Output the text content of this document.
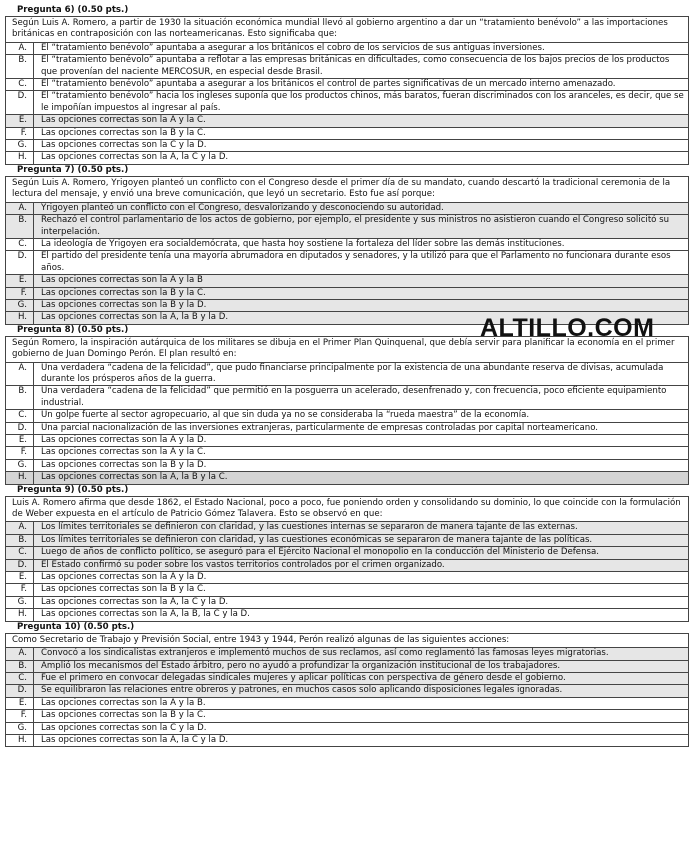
Pregunta 6) (0.50 pts.)
Según Luis A. Romero, a partir de 1930 la situación económica mundial llevó al gobierno argentino a dar un “tratamiento benévolo” a las importaciones británicas en contraposición con las norteamericanas. Esto significaba que:
A.	El “tratamiento benévolo” apuntaba a asegurar a los británicos el cobro de los servicios de sus antiguas inversiones.
B.	El “tratamiento benévolo” apuntaba a reflotar a las empresas británicas en dificultades, como consecuencia de los bajos precios de los productos que provenían del naciente MERCOSUR, en especial desde Brasil.
C.	El “tratamiento benévolo” apuntaba a asegurar a los británicos el control de partes significativas de un mercado interno amenazado.
D.	El “tratamiento benévolo” hacia los ingleses suponía que los productos chinos, más baratos, fueran discriminados con los aranceles, es decir, que se le impoñían impuestos al ingresar al país.
E.	Las opciones correctas son la A y la C.
F.	Las opciones correctas son la B y la C.
G.	Las opciones correctas son la C y la D.
H.	Las opciones correctas son la A, la C y la D.
Pregunta 7) (0.50 pts.)
Según Luis A. Romero, Yrigoyen planteó un conflicto con el Congreso desde el primer día de su mandato, cuando descartó la tradicional ceremonia de la lectura del mensaje, y envió una breve comunicación, que leyó un secretario. Esto fue así porque:
A.	Yrigoyen planteó un conflicto con el Congreso, desvalorizando y desconociendo su autoridad.
B.	Rechazó el control parlamentario de los actos de gobierno, por ejemplo, el presidente y sus ministros no asistieron cuando el Congreso solicitó su interpelación.
C.	La ideología de Yrigoyen era socialdemócrata, que hasta hoy sostiene la fortaleza del líder sobre las demás instituciones.
D.	El partido del presidente tenía una mayoría abrumadora en diputados y senadores, y la utilizó para que el Parlamento no funcionara durante esos años.
E.	Las opciones correctas son la A y la B
F.	Las opciones correctas son la B y la C.
G.	Las opciones correctas son la B y la D.
H.	Las opciones correctas son la A, la B y la D.
Pregunta 8) (0.50 pts.)
Según Romero, la inspiración autárquica de los militares se dibuja en el Primer Plan Quinquenal, que debía servir para planificar la economía en el primer gobierno de Juan Domingo Perón. El plan resultó en:
A.	Una verdadera “cadena de la felicidad”, que pudo financiarse principalmente por la existencia de una abundante reserva de divisas, acumulada durante los prósperos años de la guerra.
B.	Una verdadera “cadena de la felicidad” que permitió en la posguerra un acelerado, desenfrenado y, con frecuencia, poco eficiente equipamiento industrial.
C.	Un golpe fuerte al sector agropecuario, al que sin duda ya no se consideraba la “rueda maestra” de la economía.
D.	Una parcial nacionalización de las inversiones extranjeras, particularmente de empresas controladas por capital norteamericano.
E.	Las opciones correctas son la A y la D.
F.	Las opciones correctas son la A y la C.
G.	Las opciones correctas son la B y la D.
H.	Las opciones correctas son la A, la B y la C.
Pregunta 9) (0.50 pts.)
Luis A. Romero afirma que desde 1862, el Estado Nacional, poco a poco, fue poniendo orden y consolidando su dominio, lo que coincide con la formulación de Weber expuesta en el artículo de Patricio Gómez Talavera. Esto se observó en que:
A.	Los límites territoriales se definieron con claridad, y las cuestiones internas se separaron de manera tajante de las externas.
B.	Los límites territoriales se definieron con claridad, y las cuestiones económicas se separaron de manera tajante de las políticas.
C.	Luego de años de conflicto político, se aseguró para el Ejército Nacional el monopolio en la conducción del Ministerio de Defensa.
D.	El Estado confirmó su poder sobre los vastos territorios controlados por el crimen organizado.
E.	Las opciones correctas son la A y la D.
F.	Las opciones correctas son la B y la C.
G.	Las opciones correctas son la A, la C y la D.
H.	Las opciones correctas son la A, la B, la C y la D.
Pregunta 10) (0.50 pts.)
Como Secretario de Trabajo y Previsión Social, entre 1943 y 1944, Perón realizó algunas de las siguientes acciones:
A.	Convocó a los sindicalistas extranjeros e implementó muchos de sus reclamos, así como reglamentó las famosas leyes migratorias.
B.	Amplió los mecanismos del Estado árbitro, pero no ayudó a profundizar la organización institucional de los trabajadores.
C.	Fue el primero en convocar delegadas sindicales mujeres y aplicar políticas con perspectiva de género desde el gobierno.
D.	Se equilibraron las relaciones entre obreros y patrones, en muchos casos solo aplicando disposiciones legales ignoradas.
E.	Las opciones correctas son la A y la B.
F.	Las opciones correctas son la B y la C.
G.	Las opciones correctas son la C y la D.
H.	Las opciones correctas son la A, la C y la D.
ALTILLO.COM
